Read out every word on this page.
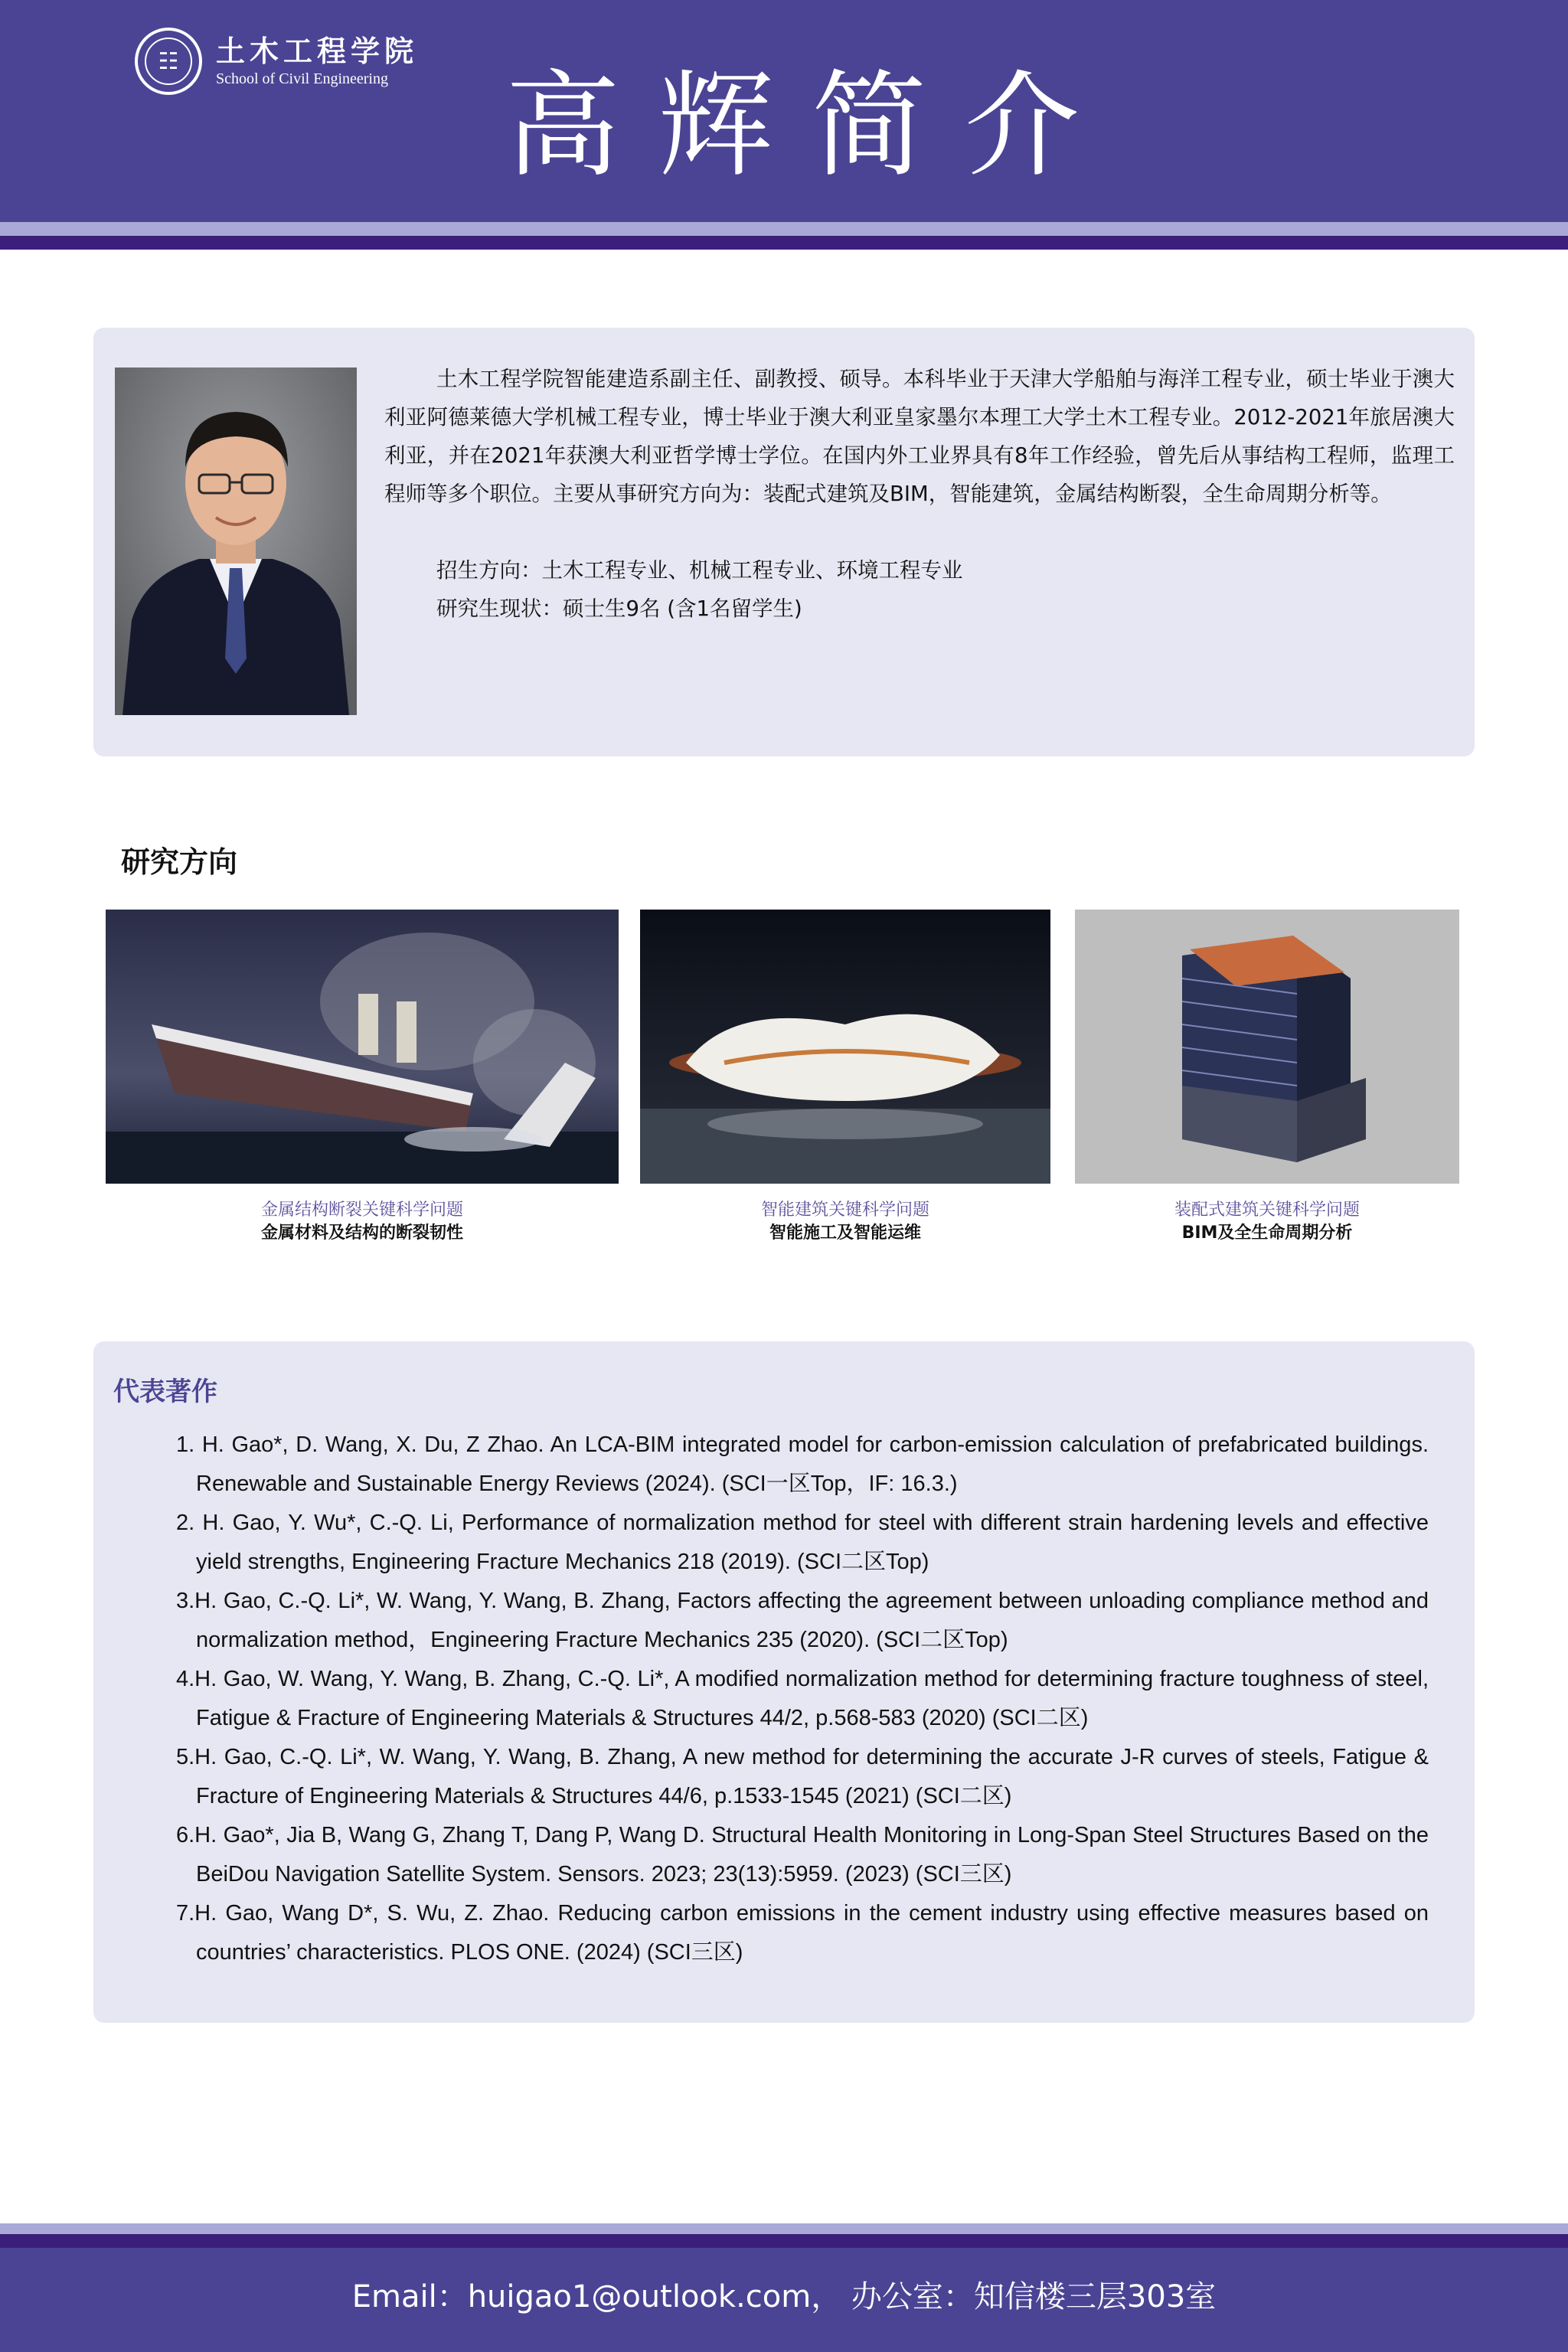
☷	土木工程学院
School of Civil Engineering 高辉简介

土木工程学院智能建造系副主任、副教授、硕导。本科毕业于天津大学船舶与海洋工程专业，硕士毕业于澳大利亚阿德莱德大学机械工程专业，博士毕业于澳大利亚皇家墨尔本理工大学土木工程专业。2012-2021年旅居澳大利亚，并在2021年获澳大利亚哲学博士学位。在国内外工业界具有8年工作经验，曾先后从事结构工程师，监理工程师等多个职位。主要从事研究方向为：装配式建筑及BIM，智能建筑，金属结构断裂，全生命周期分析等。

招生方向：土木工程专业、机械工程专业、环境工程专业
研究生现状：硕士生9名 (含1名留学生)
研究方向
金属结构断裂关键科学问题
金属材料及结构的断裂韧性
智能建筑关键科学问题
智能施工及智能运维
装配式建筑关键科学问题
BIM及全生命周期分析
代表著作
1. H. Gao*, D. Wang, X. Du, Z Zhao. An LCA-BIM integrated model for carbon-emission calculation of prefabricated buildings. Renewable and Sustainable Energy Reviews (2024). (SCI一区Top，IF: 16.3.)
2. H. Gao, Y. Wu*, C.-Q. Li, Performance of normalization method for steel with different strain hardening levels and effective yield strengths, Engineering Fracture Mechanics 218 (2019). (SCI二区Top)
3.H. Gao, C.-Q. Li*, W. Wang, Y. Wang, B. Zhang, Factors affecting the agreement between unloading compliance method and normalization method，Engineering Fracture Mechanics 235 (2020). (SCI二区Top)
4.H. Gao, W. Wang, Y. Wang, B. Zhang, C.-Q. Li*, A modified normalization method for determining fracture toughness of steel, Fatigue & Fracture of Engineering Materials & Structures 44/2, p.568-583 (2020) (SCI二区)
5.H. Gao, C.-Q. Li*, W. Wang, Y. Wang, B. Zhang, A new method for determining the accurate J-R curves of steels, Fatigue & Fracture of Engineering Materials & Structures 44/6, p.1533-1545 (2021) (SCI二区)
6.H. Gao*, Jia B, Wang G, Zhang T, Dang P, Wang D. Structural Health Monitoring in Long-Span Steel Structures Based on the BeiDou Navigation Satellite System. Sensors. 2023; 23(13):5959. (2023) (SCI三区)
7.H. Gao, Wang D*, S. Wu, Z. Zhao. Reducing carbon emissions in the cement industry using effective measures based on countries’ characteristics. PLOS ONE. (2024) (SCI三区)
Email：huigao1@outlook.com， 办公室：知信楼三层303室
